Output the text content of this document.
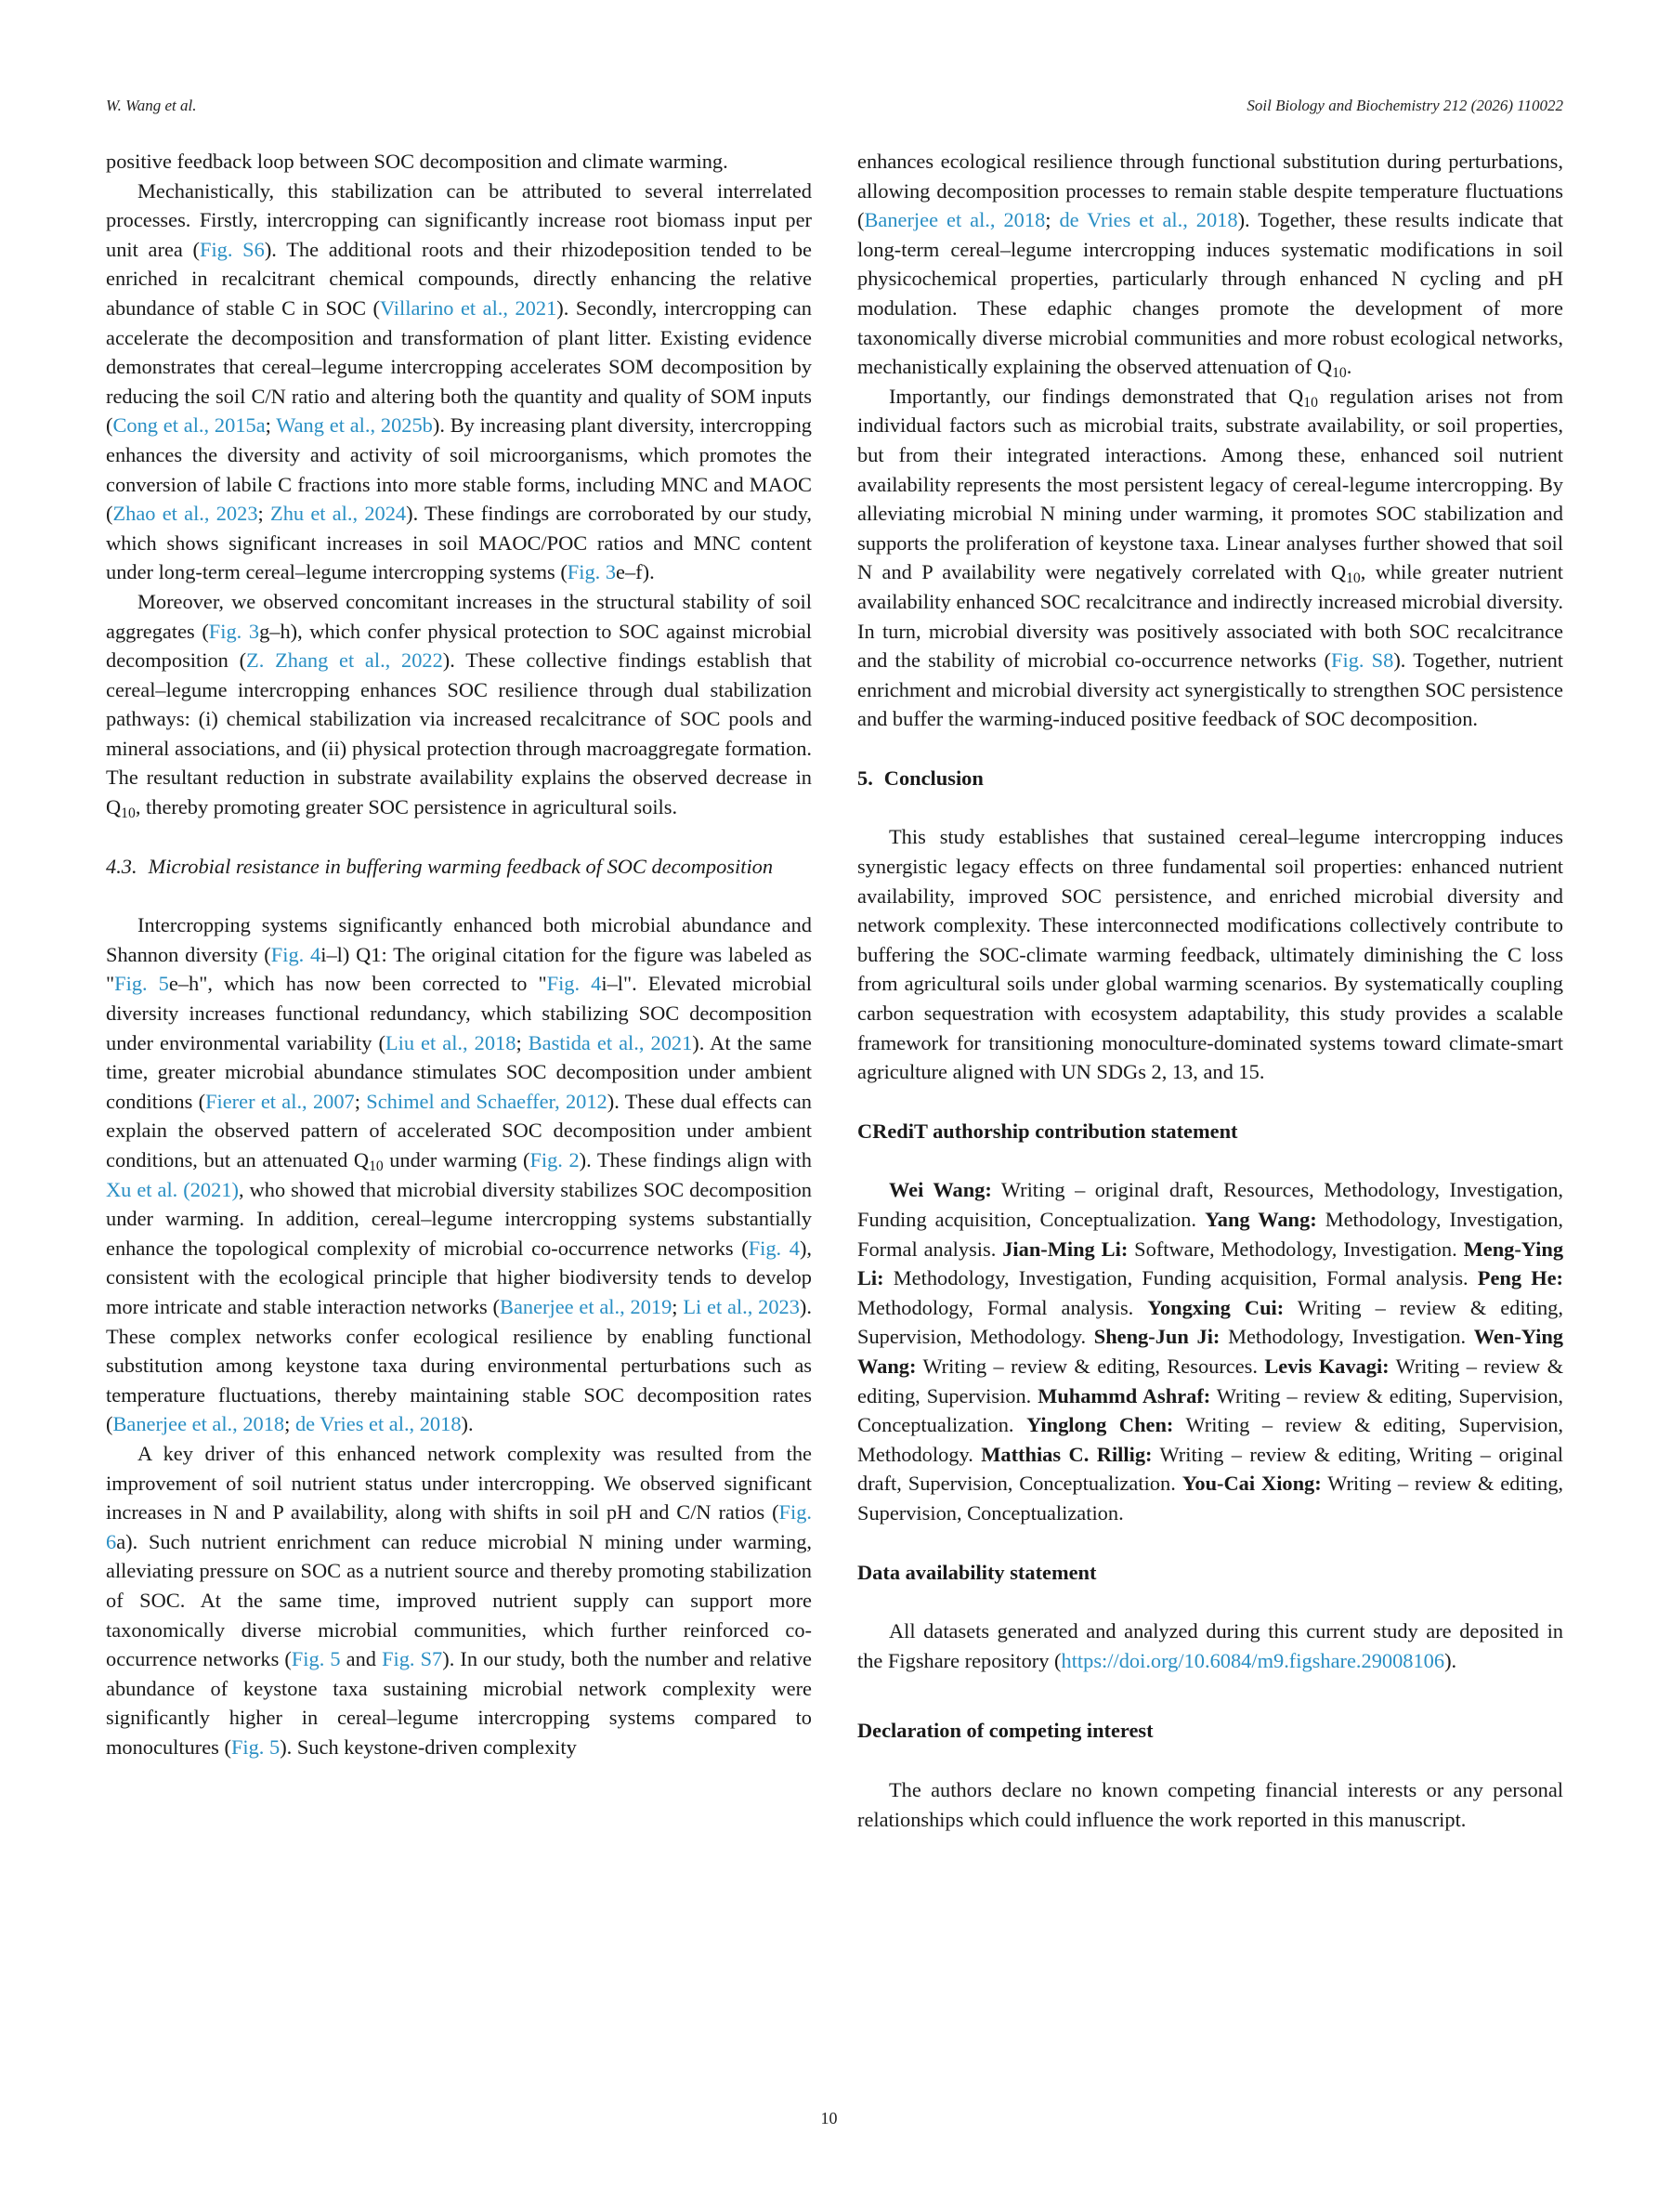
W. Wang et al.	Soil Biology and Biochemistry 212 (2026) 110022

positive feedback loop between SOC decomposition and climate warming.

Mechanistically, this stabilization can be attributed to several interrelated processes. Firstly, intercropping can significantly increase root biomass input per unit area (Fig. S6). The additional roots and their rhizodeposition tended to be enriched in recalcitrant chemical compounds, directly enhancing the relative abundance of stable C in SOC (Villarino et al., 2021). Secondly, intercropping can accelerate the decomposition and transformation of plant litter. Existing evidence demonstrates that cereal–legume intercropping accelerates SOM decomposition by reducing the soil C/N ratio and altering both the quantity and quality of SOM inputs (Cong et al., 2015a; Wang et al., 2025b). By increasing plant diversity, intercropping enhances the diversity and activity of soil microorganisms, which promotes the conversion of labile C fractions into more stable forms, including MNC and MAOC (Zhao et al., 2023; Zhu et al., 2024). These findings are corroborated by our study, which shows significant increases in soil MAOC/POC ratios and MNC content under long-term cereal–legume intercropping systems (Fig. 3e–f).

Moreover, we observed concomitant increases in the structural stability of soil aggregates (Fig. 3g–h), which confer physical protection to SOC against microbial decomposition (Z. Zhang et al., 2022). These collective findings establish that cereal–legume intercropping enhances SOC resilience through dual stabilization pathways: (i) chemical stabilization via increased recalcitrance of SOC pools and mineral associations, and (ii) physical protection through macroaggregate formation. The resultant reduction in substrate availability explains the observed decrease in $Q_{10}$, thereby promoting greater SOC persistence in agricultural soils.

4.3. Microbial resistance in buffering warming feedback of SOC decomposition

Intercropping systems significantly enhanced both microbial abundance and Shannon diversity (Fig. 4i–l) Q1: The original citation for the figure was labeled as "Fig. 5e–h", which has now been corrected to "Fig. 4i–l". Elevated microbial diversity increases functional redundancy, which stabilizing SOC decomposition under environmental variability (Liu et al., 2018; Bastida et al., 2021). At the same time, greater microbial abundance stimulates SOC decomposition under ambient conditions (Fierer et al., 2007; Schimel and Schaeffer, 2012). These dual effects can explain the observed pattern of accelerated SOC decomposition under ambient conditions, but an attenuated $Q_{10}$ under warming (Fig. 2). These findings align with Xu et al. (2021), who showed that microbial diversity stabilizes SOC decomposition under warming. In addition, cereal–legume intercropping systems substantially enhance the topological complexity of microbial co-occurrence networks (Fig. 4), consistent with the ecological principle that higher biodiversity tends to develop more intricate and stable interaction networks (Banerjee et al., 2019; Li et al., 2023). These complex networks confer ecological resilience by enabling functional substitution among keystone taxa during environmental perturbations such as temperature fluctuations, thereby maintaining stable SOC decomposition rates (Banerjee et al., 2018; de Vries et al., 2018).

A key driver of this enhanced network complexity was resulted from the improvement of soil nutrient status under intercropping. We observed significant increases in N and P availability, along with shifts in soil pH and C/N ratios (Fig. 6a). Such nutrient enrichment can reduce microbial N mining under warming, alleviating pressure on SOC as a nutrient source and thereby promoting stabilization of SOC. At the same time, improved nutrient supply can support more taxonomically diverse microbial communities, which further reinforced co-occurrence networks (Fig. 5 and Fig. S7). In our study, both the number and relative abundance of keystone taxa sustaining microbial network complexity were significantly higher in cereal–legume intercropping systems compared to monocultures (Fig. 5). Such keystone-driven complexity

enhances ecological resilience through functional substitution during perturbations, allowing decomposition processes to remain stable despite temperature fluctuations (Banerjee et al., 2018; de Vries et al., 2018). Together, these results indicate that long-term cereal–legume intercropping induces systematic modifications in soil physicochemical properties, particularly through enhanced N cycling and pH modulation. These edaphic changes promote the development of more taxonomically diverse microbial communities and more robust ecological networks, mechanistically explaining the observed attenuation of $Q_{10}$.

Importantly, our findings demonstrated that $Q_{10}$ regulation arises not from individual factors such as microbial traits, substrate availability, or soil properties, but from their integrated interactions. Among these, enhanced soil nutrient availability represents the most persistent legacy of cereal-legume intercropping. By alleviating microbial N mining under warming, it promotes SOC stabilization and supports the proliferation of keystone taxa. Linear analyses further showed that soil N and P availability were negatively correlated with $Q_{10}$, while greater nutrient availability enhanced SOC recalcitrance and indirectly increased microbial diversity. In turn, microbial diversity was positively associated with both SOC recalcitrance and the stability of microbial co-occurrence networks (Fig. S8). Together, nutrient enrichment and microbial diversity act synergistically to strengthen SOC persistence and buffer the warming-induced positive feedback of SOC decomposition.

5. Conclusion

This study establishes that sustained cereal–legume intercropping induces synergistic legacy effects on three fundamental soil properties: enhanced nutrient availability, improved SOC persistence, and enriched microbial diversity and network complexity. These interconnected modifications collectively contribute to buffering the SOC-climate warming feedback, ultimately diminishing the C loss from agricultural soils under global warming scenarios. By systematically coupling carbon sequestration with ecosystem adaptability, this study provides a scalable framework for transitioning monoculture-dominated systems toward climate-smart agriculture aligned with UN SDGs 2, 13, and 15.

CRediT authorship contribution statement

Wei Wang: Writing – original draft, Resources, Methodology, Investigation, Funding acquisition, Conceptualization. Yang Wang: Methodology, Investigation, Formal analysis. Jian-Ming Li: Software, Methodology, Investigation. Meng-Ying Li: Methodology, Investigation, Funding acquisition, Formal analysis. Peng He: Methodology, Formal analysis. Yongxing Cui: Writing – review & editing, Supervision, Methodology. Sheng-Jun Ji: Methodology, Investigation. Wen-Ying Wang: Writing – review & editing, Resources. Levis Kavagi: Writing – review & editing, Supervision. Muhammd Ashraf: Writing – review & editing, Supervision, Conceptualization. Yinglong Chen: Writing – review & editing, Supervision, Methodology. Matthias C. Rillig: Writing – review & editing, Writing – original draft, Supervision, Conceptualization. You-Cai Xiong: Writing – review & editing, Supervision, Conceptualization.

Data availability statement

All datasets generated and analyzed during this current study are deposited in the Figshare repository (https://doi.org/10.6084/m9.figshare.29008106).

Declaration of competing interest

The authors declare no known competing financial interests or any personal relationships which could influence the work reported in this manuscript.

10
